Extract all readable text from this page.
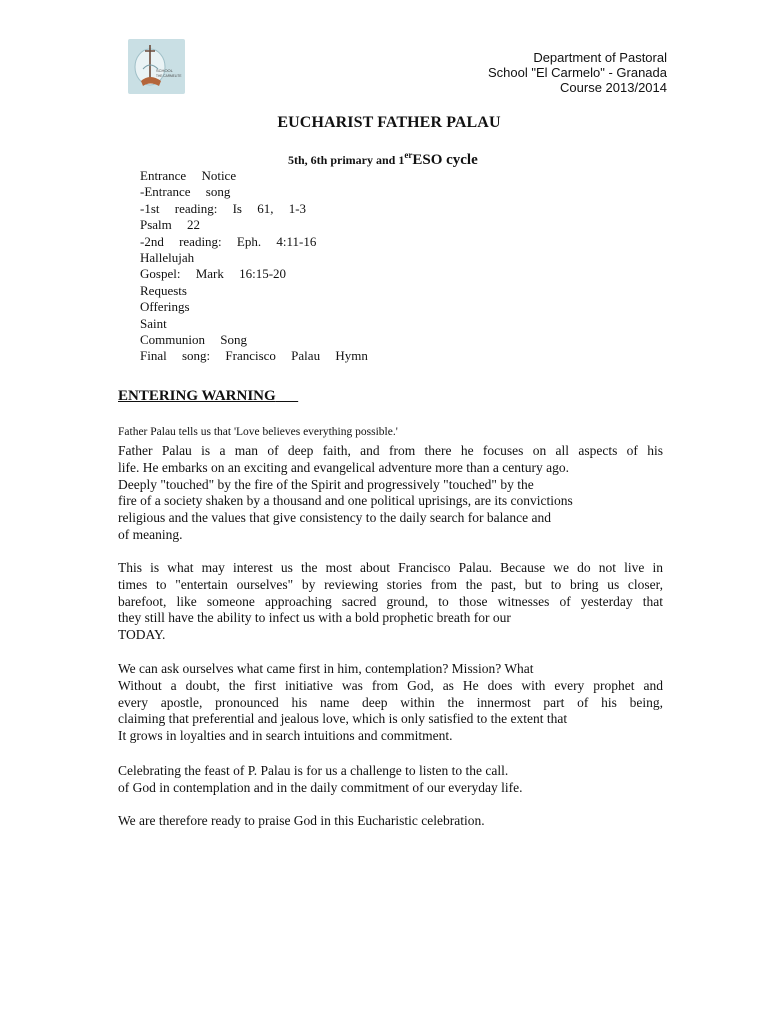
SCHOOL
THE CARMELITE
Department of Pastoral
School "El Carmelo" - Granada
Course 2013/2014
EUCHARIST FATHER PALAU
5th, 6th primary and 1erESO cycle
Entrance Notice
-Entrance song
-1st reading: Is 61, 1-3
Psalm 22
-2nd reading: Eph. 4:11-16
Hallelujah
Gospel: Mark 16:15-20
Requests
Offerings
Saint
Communion Song
Final song: Francisco Palau Hymn
ENTERING WARNING
Father Palau tells us that 'Love believes everything possible.'
Father Palau is a man of deep faith, and from there he focuses on all aspects of his
life. He embarks on an exciting and evangelical adventure more than a century ago.
Deeply "touched" by the fire of the Spirit and progressively "touched" by the
fire of a society shaken by a thousand and one political uprisings, are its convictions
religious and the values that give consistency to the daily search for balance and
of meaning.
This is what may interest us the most about Francisco Palau. Because we do not live in
times to "entertain ourselves" by reviewing stories from the past, but to bring us closer,
barefoot, like someone approaching sacred ground, to those witnesses of yesterday that
they still have the ability to infect us with a bold prophetic breath for our
TODAY.
We can ask ourselves what came first in him, contemplation? Mission? What
Without a doubt, the first initiative was from God, as He does with every prophet and
every apostle, pronounced his name deep within the innermost part of his being,
claiming that preferential and jealous love, which is only satisfied to the extent that
It grows in loyalties and in search intuitions and commitment.
Celebrating the feast of P. Palau is for us a challenge to listen to the call.
of God in contemplation and in the daily commitment of our everyday life.
We are therefore ready to praise God in this Eucharistic celebration.
